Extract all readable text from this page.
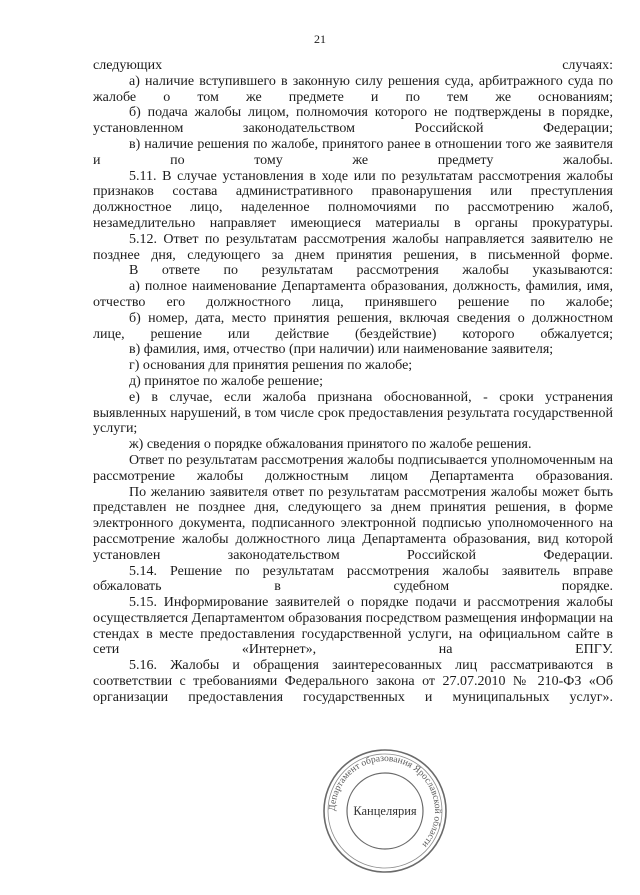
21

следующих случаях:

а) наличие вступившего в законную силу решения суда, арбитражного суда по жалобе о том же предмете и по тем же основаниям;

б) подача жалобы лицом, полномочия которого не подтверждены в порядке, установленном законодательством Российской Федерации;

в) наличие решения по жалобе, принятого ранее в отношении того же заявителя и по тому же предмету жалобы.

5.11. В случае установления в ходе или по результатам рассмотрения жалобы признаков состава административного правонарушения или преступления должностное лицо, наделенное полномочиями по рассмотрению жалоб, незамедлительно направляет имеющиеся материалы в органы прокуратуры.

5.12. Ответ по результатам рассмотрения жалобы направляется заявителю не позднее дня, следующего за днем принятия решения, в письменной форме.

В ответе по результатам рассмотрения жалобы указываются:

а) полное наименование Департамента образования, должность, фамилия, имя, отчество его должностного лица, принявшего решение по жалобе;

б) номер, дата, место принятия решения, включая сведения о должностном лице, решение или действие (бездействие) которого обжалуется;

в) фамилия, имя, отчество (при наличии) или наименование заявителя;

г) основания для принятия решения по жалобе;

д) принятое по жалобе решение;

е) в случае, если жалоба признана обоснованной, - сроки устранения выявленных нарушений, в том числе срок предоставления результата государственной услуги;

ж) сведения о порядке обжалования принятого по жалобе решения.

Ответ по результатам рассмотрения жалобы подписывается уполномоченным на рассмотрение жалобы должностным лицом Департамента образования.

По желанию заявителя ответ по результатам рассмотрения жалобы может быть представлен не позднее дня, следующего за днем принятия решения, в форме электронного документа, подписанного электронной подписью уполномоченного на рассмотрение жалобы должностного лица Департамента образования, вид которой установлен законодательством Российской Федерации.

5.14. Решение по результатам рассмотрения жалобы заявитель вправе обжаловать в судебном порядке.

5.15. Информирование заявителей о порядке подачи и рассмотрения жалобы осуществляется Департаментом образования посредством размещения информации на стендах в месте предоставления государственной услуги, на официальном сайте в сети «Интернет», на ЕПГУ.

5.16. Жалобы и обращения заинтересованных лиц рассматриваются в соответствии с требованиями Федерального закона от 27.07.2010 № 210-ФЗ «Об организации предоставления государственных и муниципальных услуг».

Департамент образования Ярославской области
Канцелярия
